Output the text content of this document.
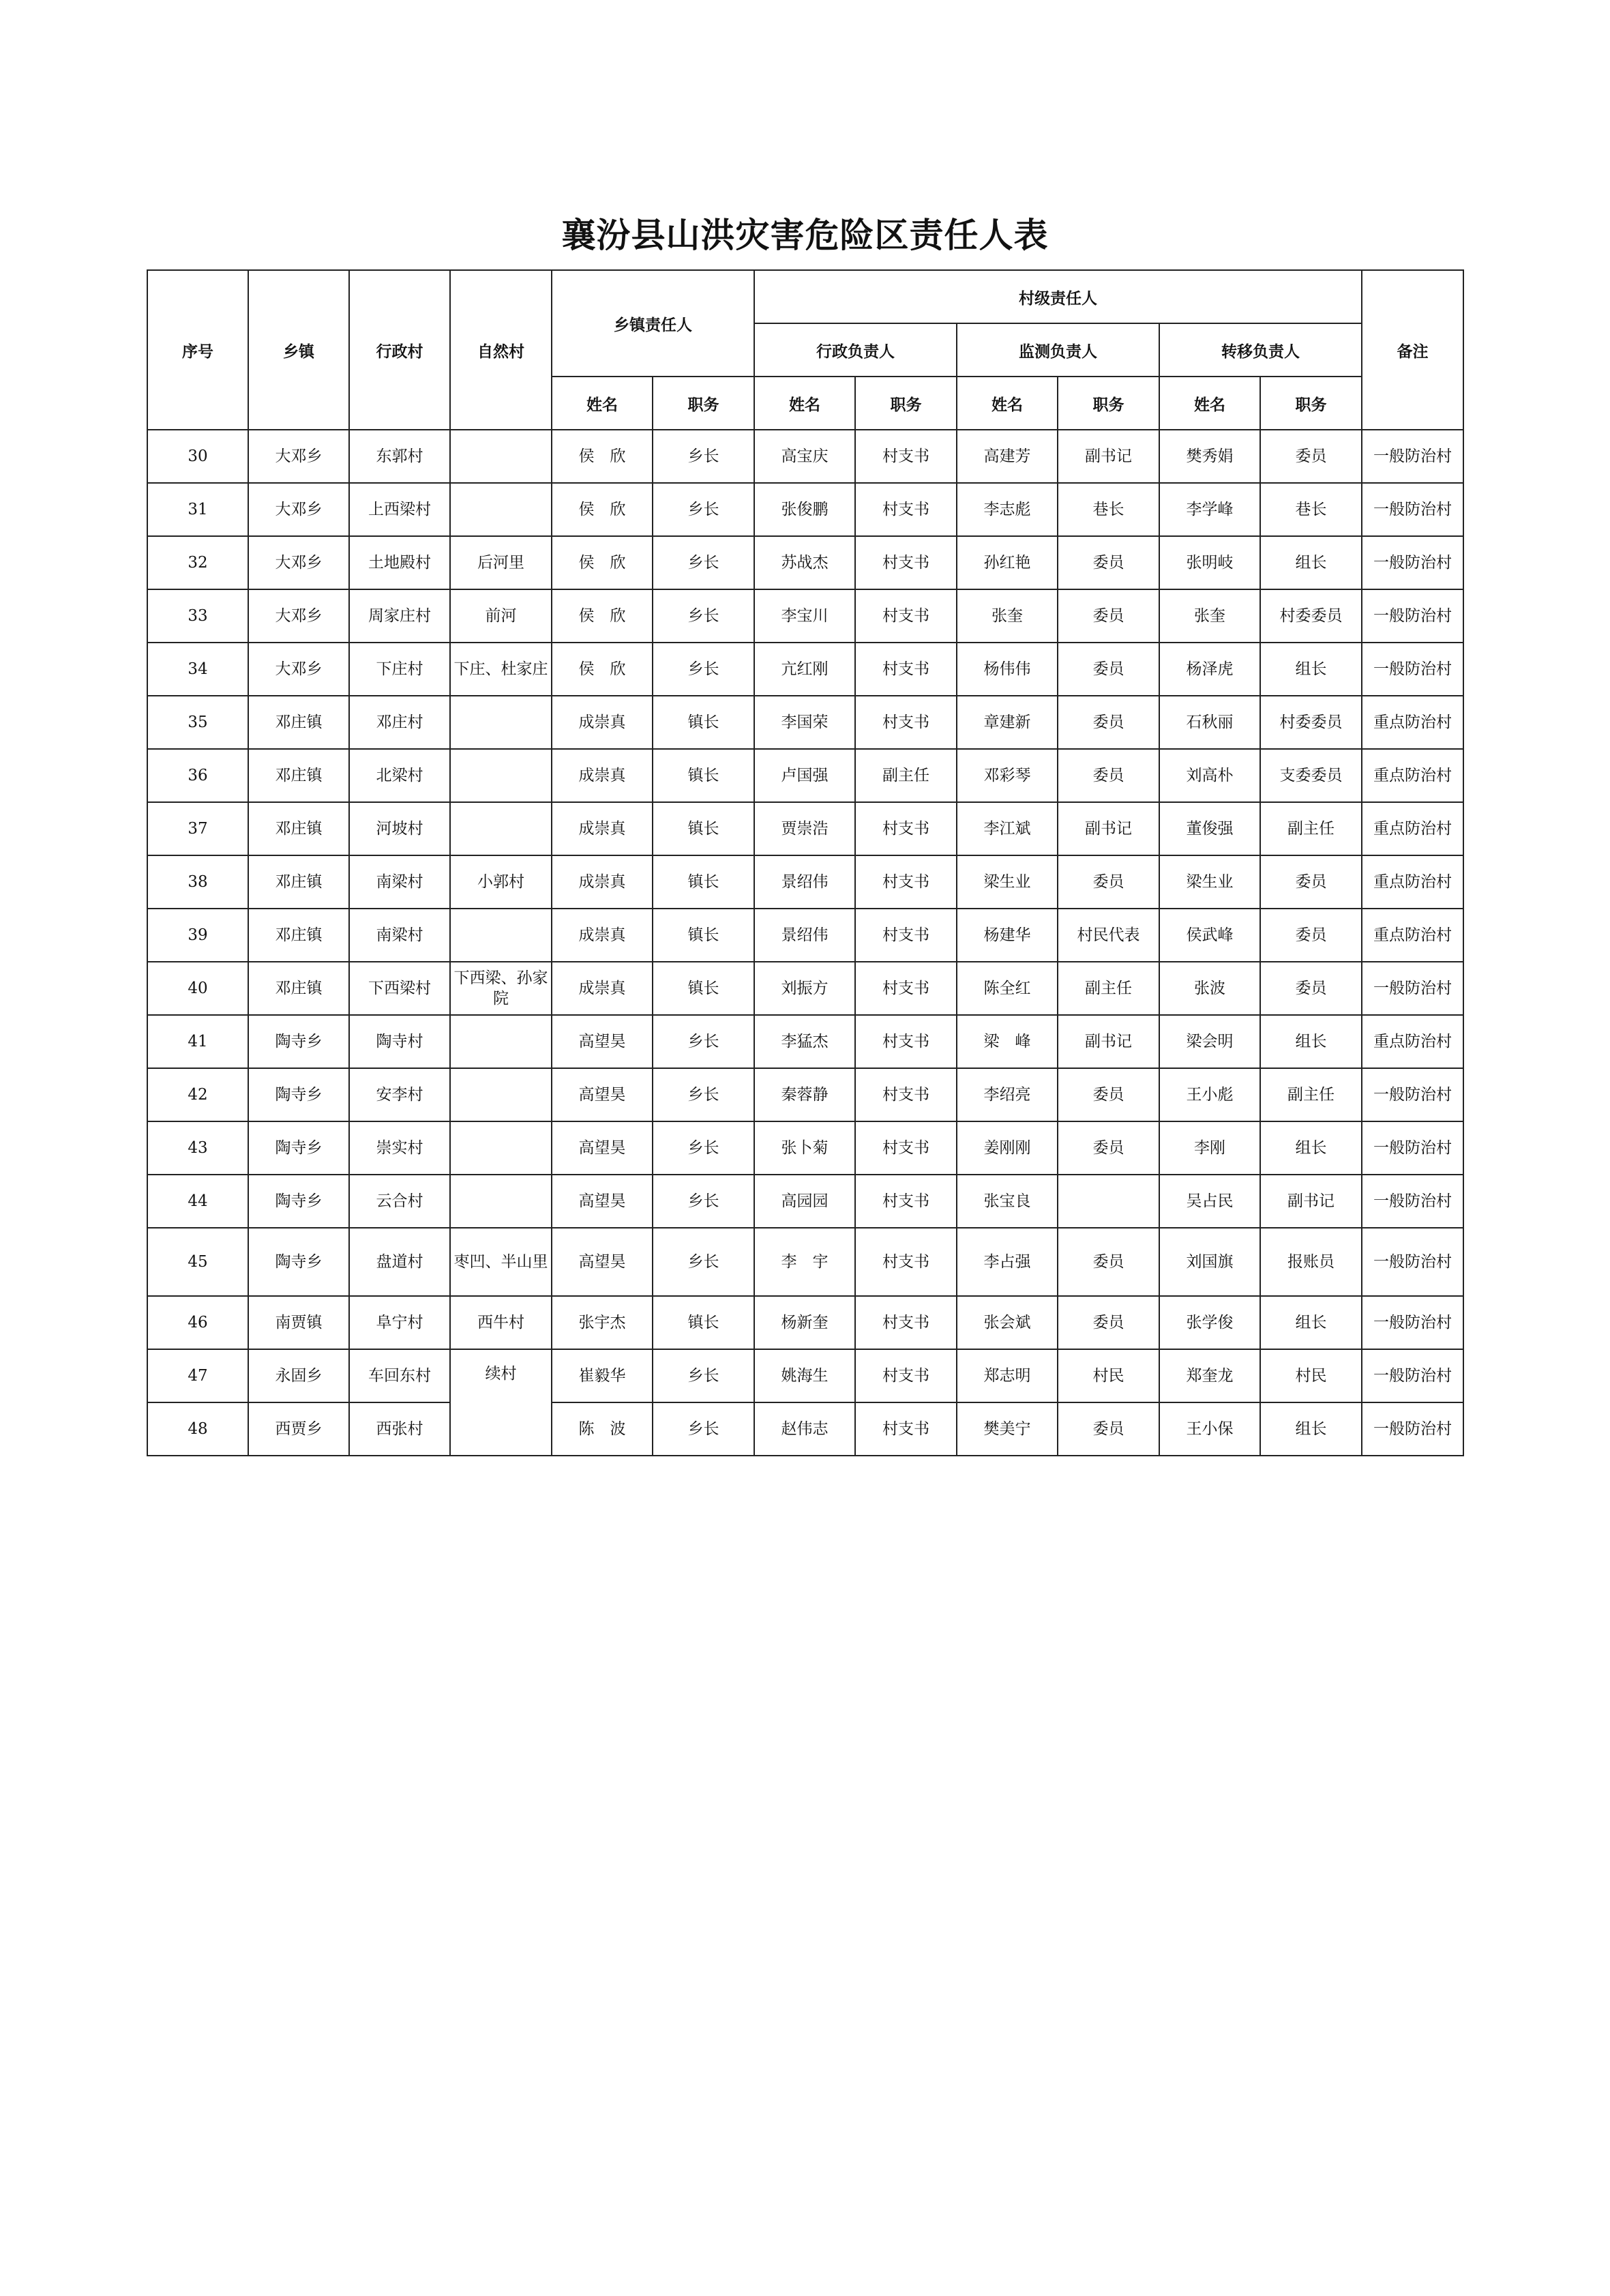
襄汾县山洪灾害危险区责任人表
序号	乡镇	行政村	自然村	乡镇责任人		村级责任人						备注
						行政负责人		监测负责人		转移负责人		
				姓名	职务	姓名	职务	姓名	职务	姓名	职务	
30	大邓乡	东郭村		侯　欣	乡长	高宝庆	村支书	高建芳	副书记	樊秀娟	委员	一般防治村
31	大邓乡	上西梁村		侯　欣	乡长	张俊鹏	村支书	李志彪	巷长	李学峰	巷长	一般防治村
32	大邓乡	土地殿村	后河里	侯　欣	乡长	苏战杰	村支书	孙红艳	委员	张明岐	组长	一般防治村
33	大邓乡	周家庄村	前河	侯　欣	乡长	李宝川	村支书	张奎	委员	张奎	村委委员	一般防治村
34	大邓乡	下庄村	下庄、杜家庄	侯　欣	乡长	亢红刚	村支书	杨伟伟	委员	杨泽虎	组长	一般防治村
35	邓庄镇	邓庄村		成崇真	镇长	李国荣	村支书	章建新	委员	石秋丽	村委委员	重点防治村
36	邓庄镇	北梁村		成崇真	镇长	卢国强	副主任	邓彩琴	委员	刘高朴	支委委员	重点防治村
37	邓庄镇	河坡村		成崇真	镇长	贾崇浩	村支书	李江斌	副书记	董俊强	副主任	重点防治村
38	邓庄镇	南梁村	小郭村	成崇真	镇长	景绍伟	村支书	梁生业	委员	梁生业	委员	重点防治村
39	邓庄镇	南梁村		成崇真	镇长	景绍伟	村支书	杨建华	村民代表	侯武峰	委员	重点防治村
40	邓庄镇	下西梁村	下西梁、孙家院	成崇真	镇长	刘振方	村支书	陈全红	副主任	张波	委员	一般防治村
41	陶寺乡	陶寺村		高望昊	乡长	李猛杰	村支书	梁　峰	副书记	梁会明	组长	重点防治村
42	陶寺乡	安李村		高望昊	乡长	秦蓉静	村支书	李绍亮	委员	王小彪	副主任	一般防治村
43	陶寺乡	崇实村		高望昊	乡长	张卜菊	村支书	姜刚刚	委员	李刚	组长	一般防治村
44	陶寺乡	云合村		高望昊	乡长	高园园	村支书	张宝良		吴占民	副书记	一般防治村
45	陶寺乡	盘道村	枣凹、半山里	高望昊	乡长	李　宇	村支书	李占强	委员	刘国旗	报账员	一般防治村
46	南贾镇	阜宁村	西牛村	张宇杰	镇长	杨新奎	村支书	张会斌	委员	张学俊	组长	一般防治村
47	永固乡	车回东村	续村	崔毅华	乡长	姚海生	村支书	郑志明	村民	郑奎龙	村民	一般防治村
48	西贾乡	西张村		陈　波	乡长	赵伟志	村支书	樊美宁	委员	王小保	组长	一般防治村
